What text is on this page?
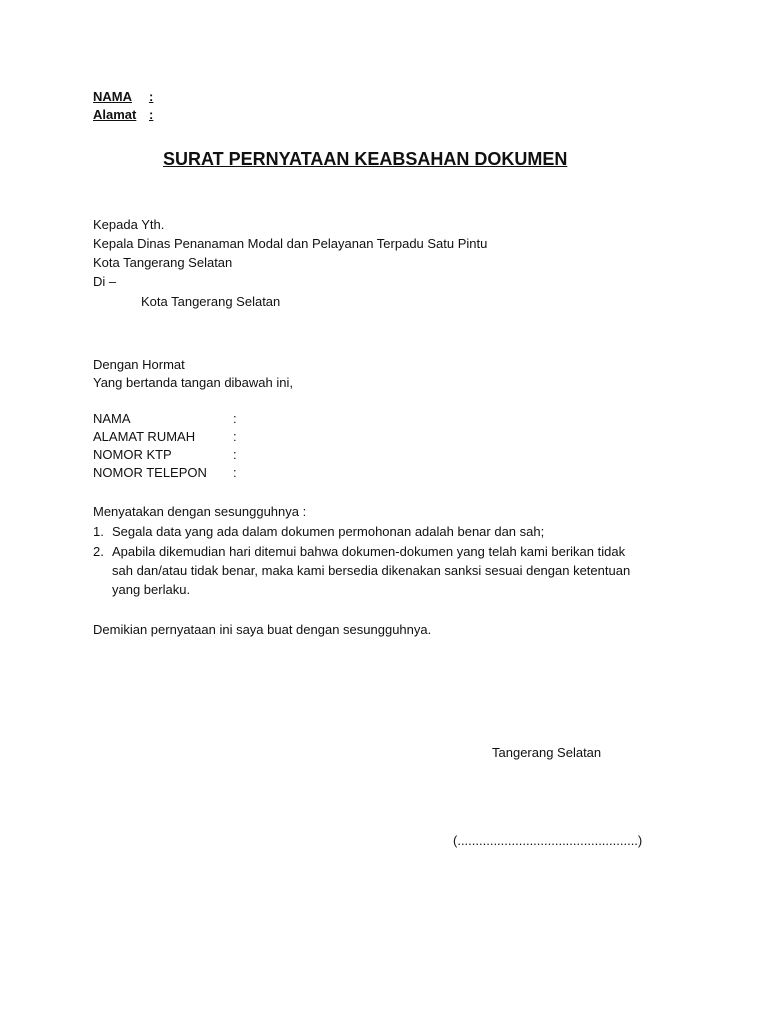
NAMA :
Alamat :
SURAT PERNYATAAN KEABSAHAN DOKUMEN
Kepada Yth.
Kepala Dinas Penanaman Modal dan Pelayanan Terpadu Satu Pintu
Kota Tangerang Selatan
Di –
Kota Tangerang Selatan
Dengan Hormat
Yang bertanda tangan dibawah ini,
NAMA	:
ALAMAT RUMAH	:
NOMOR KTP	:
NOMOR TELEPON :
Menyatakan dengan sesungguhnya :
1. Segala data yang ada dalam dokumen permohonan adalah benar dan sah;
2. Apabila dikemudian hari ditemui bahwa dokumen-dokumen yang telah kami berikan tidak
sah dan/atau tidak benar, maka kami bersedia dikenakan sanksi sesuai dengan ketentuan
yang berlaku.
Demikian pernyataan ini saya buat dengan sesungguhnya.
Tangerang Selatan
(..................................................)
